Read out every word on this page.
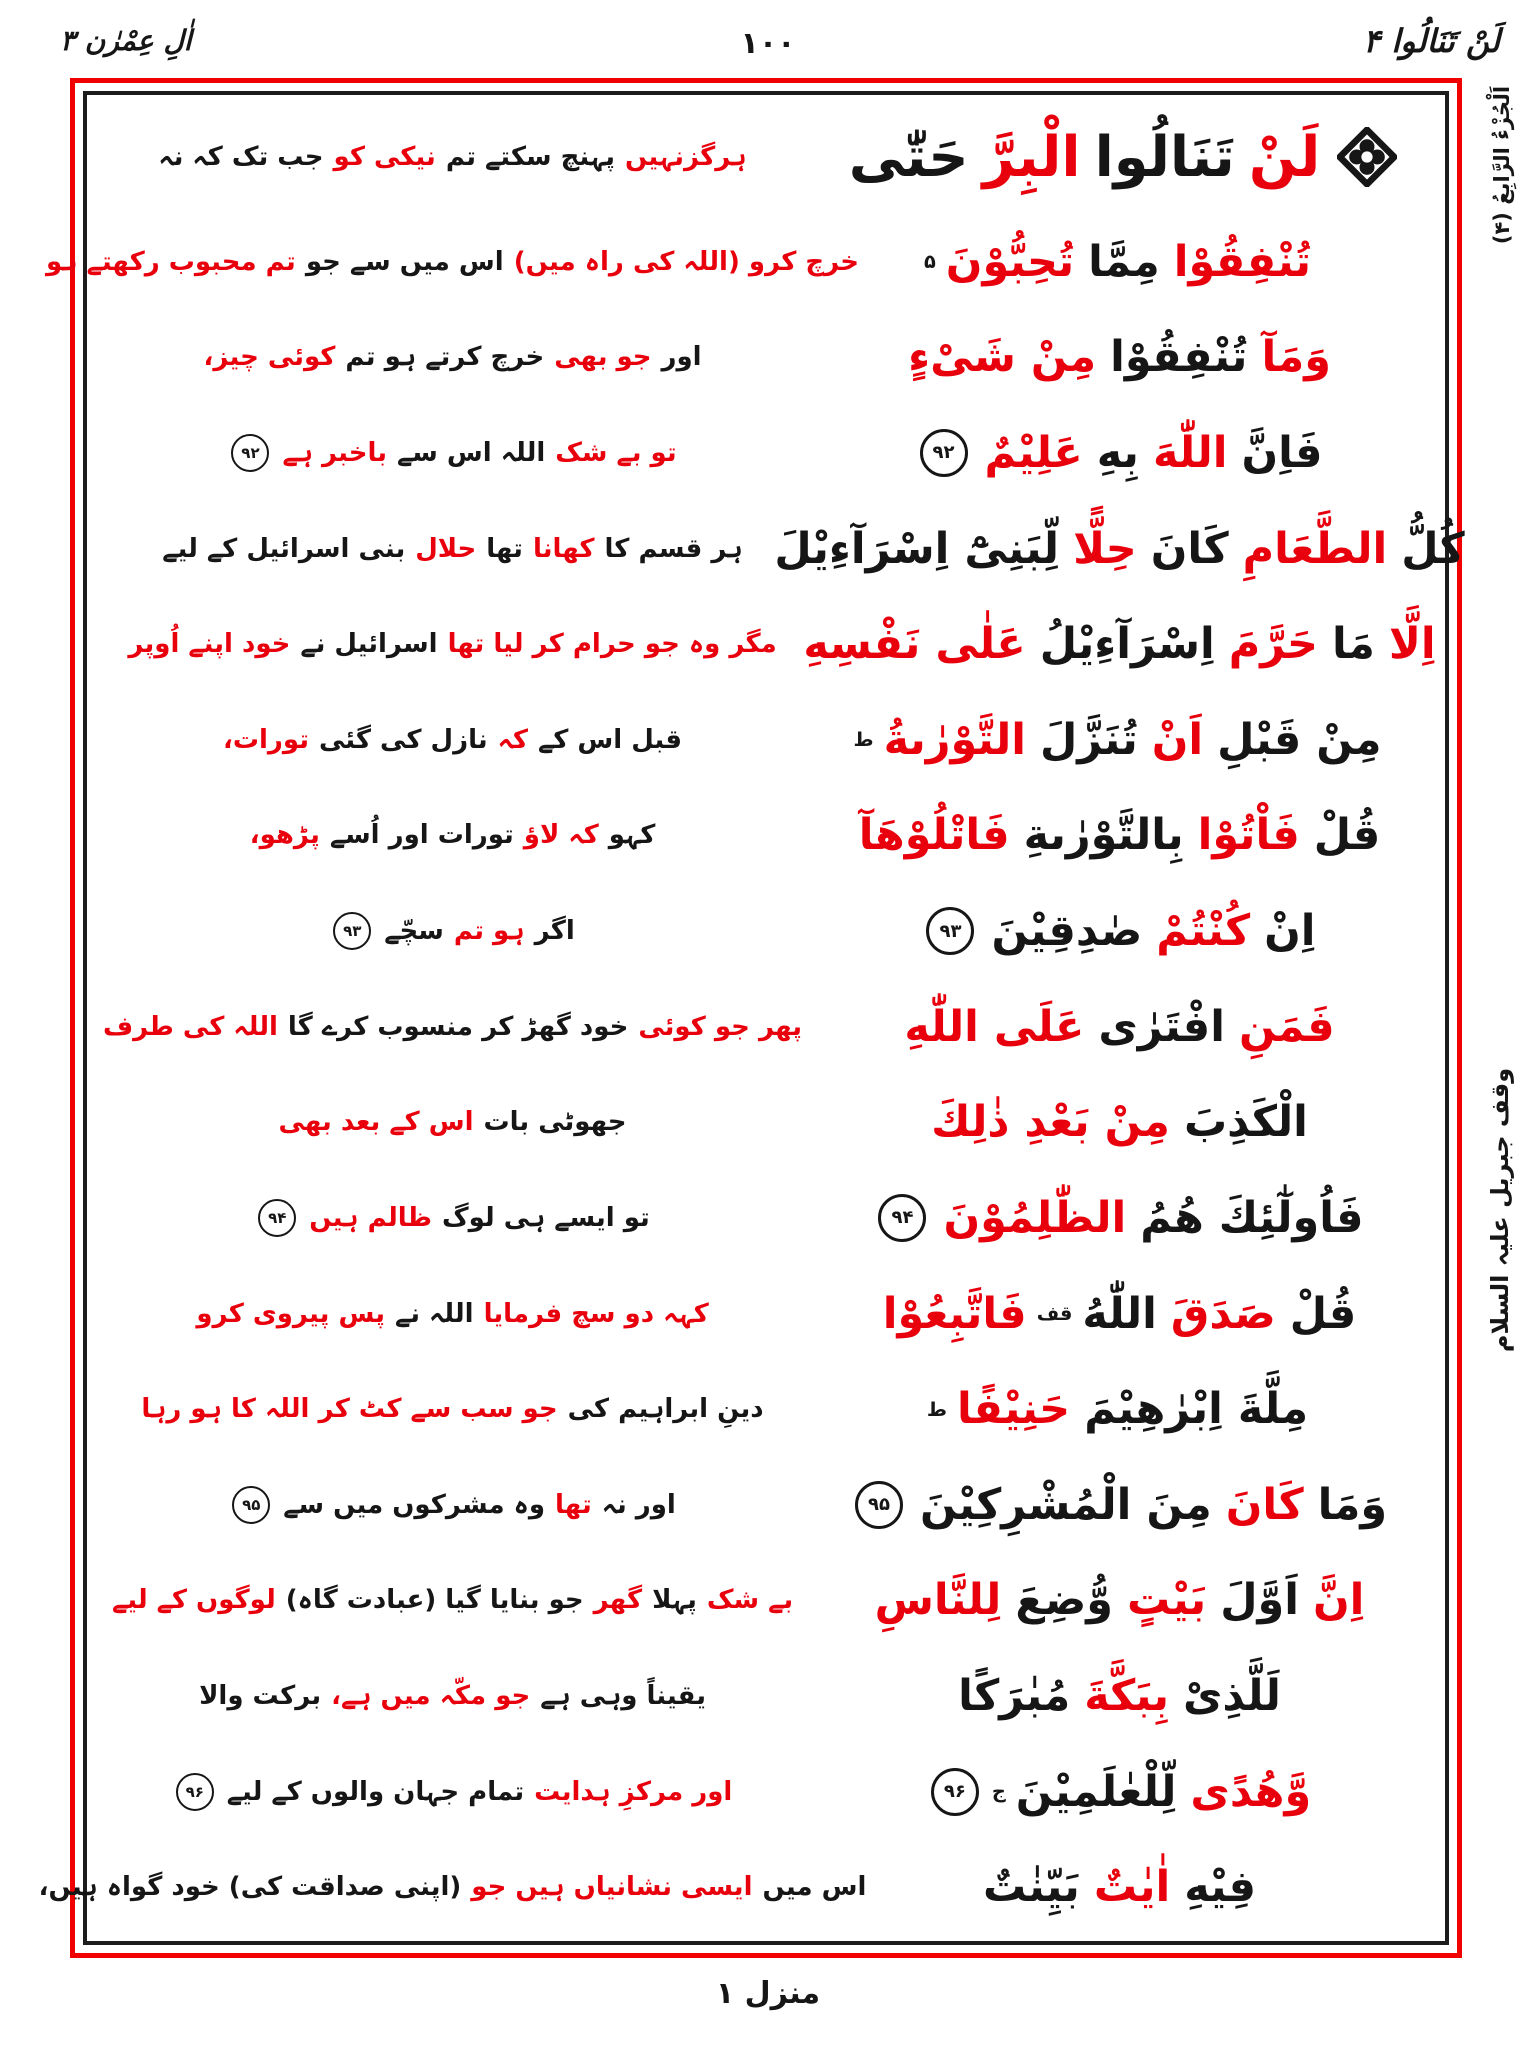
لَنْ تَنَالُوا ۴
۱۰۰
اٰلِ عِمْرٰن ۳
لَنْ
تَنَالُوا
الْبِرَّ
حَتّٰى
ہرگزنہیں
پہنچ سکتے تم
نیکی کو
جب تک کہ نہ
تُنْفِقُوْا
مِمَّا
تُحِبُّوْنَ
۵
خرچ کرو (اللہ کی راہ میں)
اس میں سے جو
تم محبوب رکھتے ہو
وَمَآ
تُنْفِقُوْا
مِنْ شَیْءٍ
اور
جو بھی
خرچ کرتے ہو تم
کوئی چیز،
فَاِنَّ
اللّٰهَ
بِهِ
عَلِیْمٌ
۹۲
تو بے شک
اللہ اس سے
باخبر ہے
۹۲
كُلُّ
الطَّعَامِ
كَانَ
حِلًّا
لِّبَنِیْٓ اِسْرَآءِیْلَ
ہر قسم کا
کھانا
تھا
حلال
بنی اسرائیل کے لیے
اِلَّا
مَا
حَرَّمَ
اِسْرَآءِیْلُ
عَلٰی نَفْسِهِ
مگر وہ جو حرام کر لیا تھا
اسرائیل نے
خود اپنے اُوپر
مِنْ قَبْلِ
اَنْ
تُنَزَّلَ
التَّوْرٰىةُ
ط
قبل اس کے
کہ
نازل کی گئی
تورات،
قُلْ
فَاْتُوْا
بِالتَّوْرٰىةِ
فَاتْلُوْهَآ
کہو
کہ لاؤ
تورات اور اُسے
پڑھو،
اِنْ
كُنْتُمْ
صٰدِقِیْنَ
۹۳
اگر
ہو تم
سچّے
۹۳
فَمَنِ
افْتَرٰى
عَلَی اللّٰهِ
پھر جو کوئی
خود گھڑ کر منسوب کرے گا
اللہ کی طرف
الْكَذِبَ
مِنْ بَعْدِ ذٰلِكَ
جھوٹی بات
اس کے بعد بھی
فَاُولٰٓئِكَ هُمُ
الظّٰلِمُوْنَ
۹۴
تو ایسے ہی لوگ
ظالم ہیں
۹۴
قُلْ
صَدَقَ
اللّٰهُ
قف
فَاتَّبِعُوْا
کہہ دو سچ فرمایا
اللہ نے
پس پیروی کرو
مِلَّةَ اِبْرٰهِیْمَ
حَنِیْفًا
ط
دینِ ابراہیم کی
جو سب سے کٹ کر اللہ کا ہو رہا
وَمَا
كَانَ
مِنَ الْمُشْرِكِیْنَ
۹۵
اور نہ
تھا
وہ مشرکوں میں سے
۹۵
اِنَّ
اَوَّلَ
بَیْتٍ
وُّضِعَ
لِلنَّاسِ
بے شک
پہلا
گھر
جو بنایا گیا (عبادت گاہ)
لوگوں کے لیے
لَلَّذِیْ
بِبَكَّةَ
مُبٰرَكًا
یقیناً وہی ہے
جو مکّہ میں ہے،
برکت والا
وَّهُدًی
لِّلْعٰلَمِیْنَ
ج
۹۶
اور مرکزِ ہدایت
تمام جہان والوں کے لیے
۹۶
فِیْهِ
اٰیٰتٌ
بَیِّنٰتٌ
اس میں
ایسی نشانیاں ہیں جو
(اپنی صداقت کی) خود گواہ ہیں،
اَلْجُزْءُ الرَّابِعُ (۴)
وقف جبریل علیہ السلام
منزل ۱
